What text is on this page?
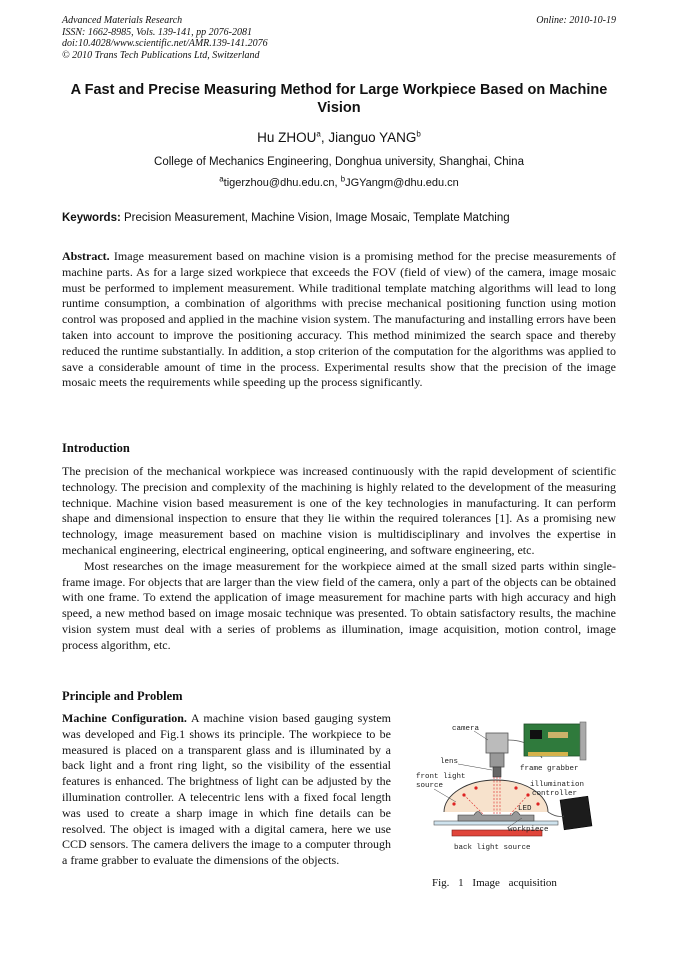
Advanced Materials Research
ISSN: 1662-8985, Vols. 139-141, pp 2076-2081
doi:10.4028/www.scientific.net/AMR.139-141.2076
© 2010 Trans Tech Publications Ltd, Switzerland
Online: 2010-10-19
A Fast and Precise Measuring Method for Large Workpiece Based on Machine Vision
Hu ZHOU$^a$, Jianguo YANG$^b$
College of Mechanics Engineering, Donghua university, Shanghai, China
$^a$tigerzhou@dhu.edu.cn, $^b$JGYangm@dhu.edu.cn
Keywords: Precision Measurement, Machine Vision, Image Mosaic, Template Matching
Abstract. Image measurement based on machine vision is a promising method for the precise measurements of machine parts. As for a large sized workpiece that exceeds the FOV (field of view) of the camera, image mosaic must be performed to implement measurement. While traditional template matching algorithms will lead to long runtime consumption, a combination of algorithms with precise mechanical positioning function using motion control was proposed and applied in the machine vision system. The manufacturing and installing errors have been taken into account to improve the positioning accuracy. This method minimized the search space and thereby reduced the runtime substantially. In addition, a stop criterion of the computation for the algorithms was applied to save a considerable amount of time in the process. Experimental results show that the precision of the image mosaic meets the requirements while speeding up the process significantly.
Introduction

The precision of the mechanical workpiece was increased continuously with the rapid development of scientific technology. The precision and complexity of the machining is highly related to the development of the measuring technique. Machine vision based measurement is one of the key technologies in manufacturing. It can perform shape and dimensional inspection to ensure that they lie within the required tolerances [1]. As a promising new technology, image measurement based on machine vision is multidisciplinary and involves the expertise in mechanical engineering, electrical engineering, optical engineering, and software engineering, etc.

Most researches on the image measurement for the workpiece aimed at the small sized parts within single-frame image. For objects that are larger than the view field of the camera, only a part of the objects can be obtained with one frame. To extend the application of image measurement for machine parts with high accuracy and high speed, a new method based on image mosaic technique was presented. To obtain satisfactory results, the machine vision system must deal with a series of problems as illumination, image acquisition, motion control, image process algorithm, etc.

Principle and Problem
Machine Configuration. A machine vision based gauging system was developed and Fig.1 shows its principle. The workpiece to be measured is placed on a transparent glass and is illuminated by a back light and a front ring light, so the visibility of the essential features is enhanced. The brightness of light can be adjusted by the illumination controller. A telecentric lens with a fixed focal length was used to create a sharp image in which fine details can be resolved. The object is imaged with a digital camera, here we use CCD sensors. The camera delivers the image to a computer through a frame grabber to evaluate the dimensions of the objects.
camera
lens
front light
source
frame grabber
illumination
controller
LED
workpiece
back light source
Fig. 1 Image acquisition
